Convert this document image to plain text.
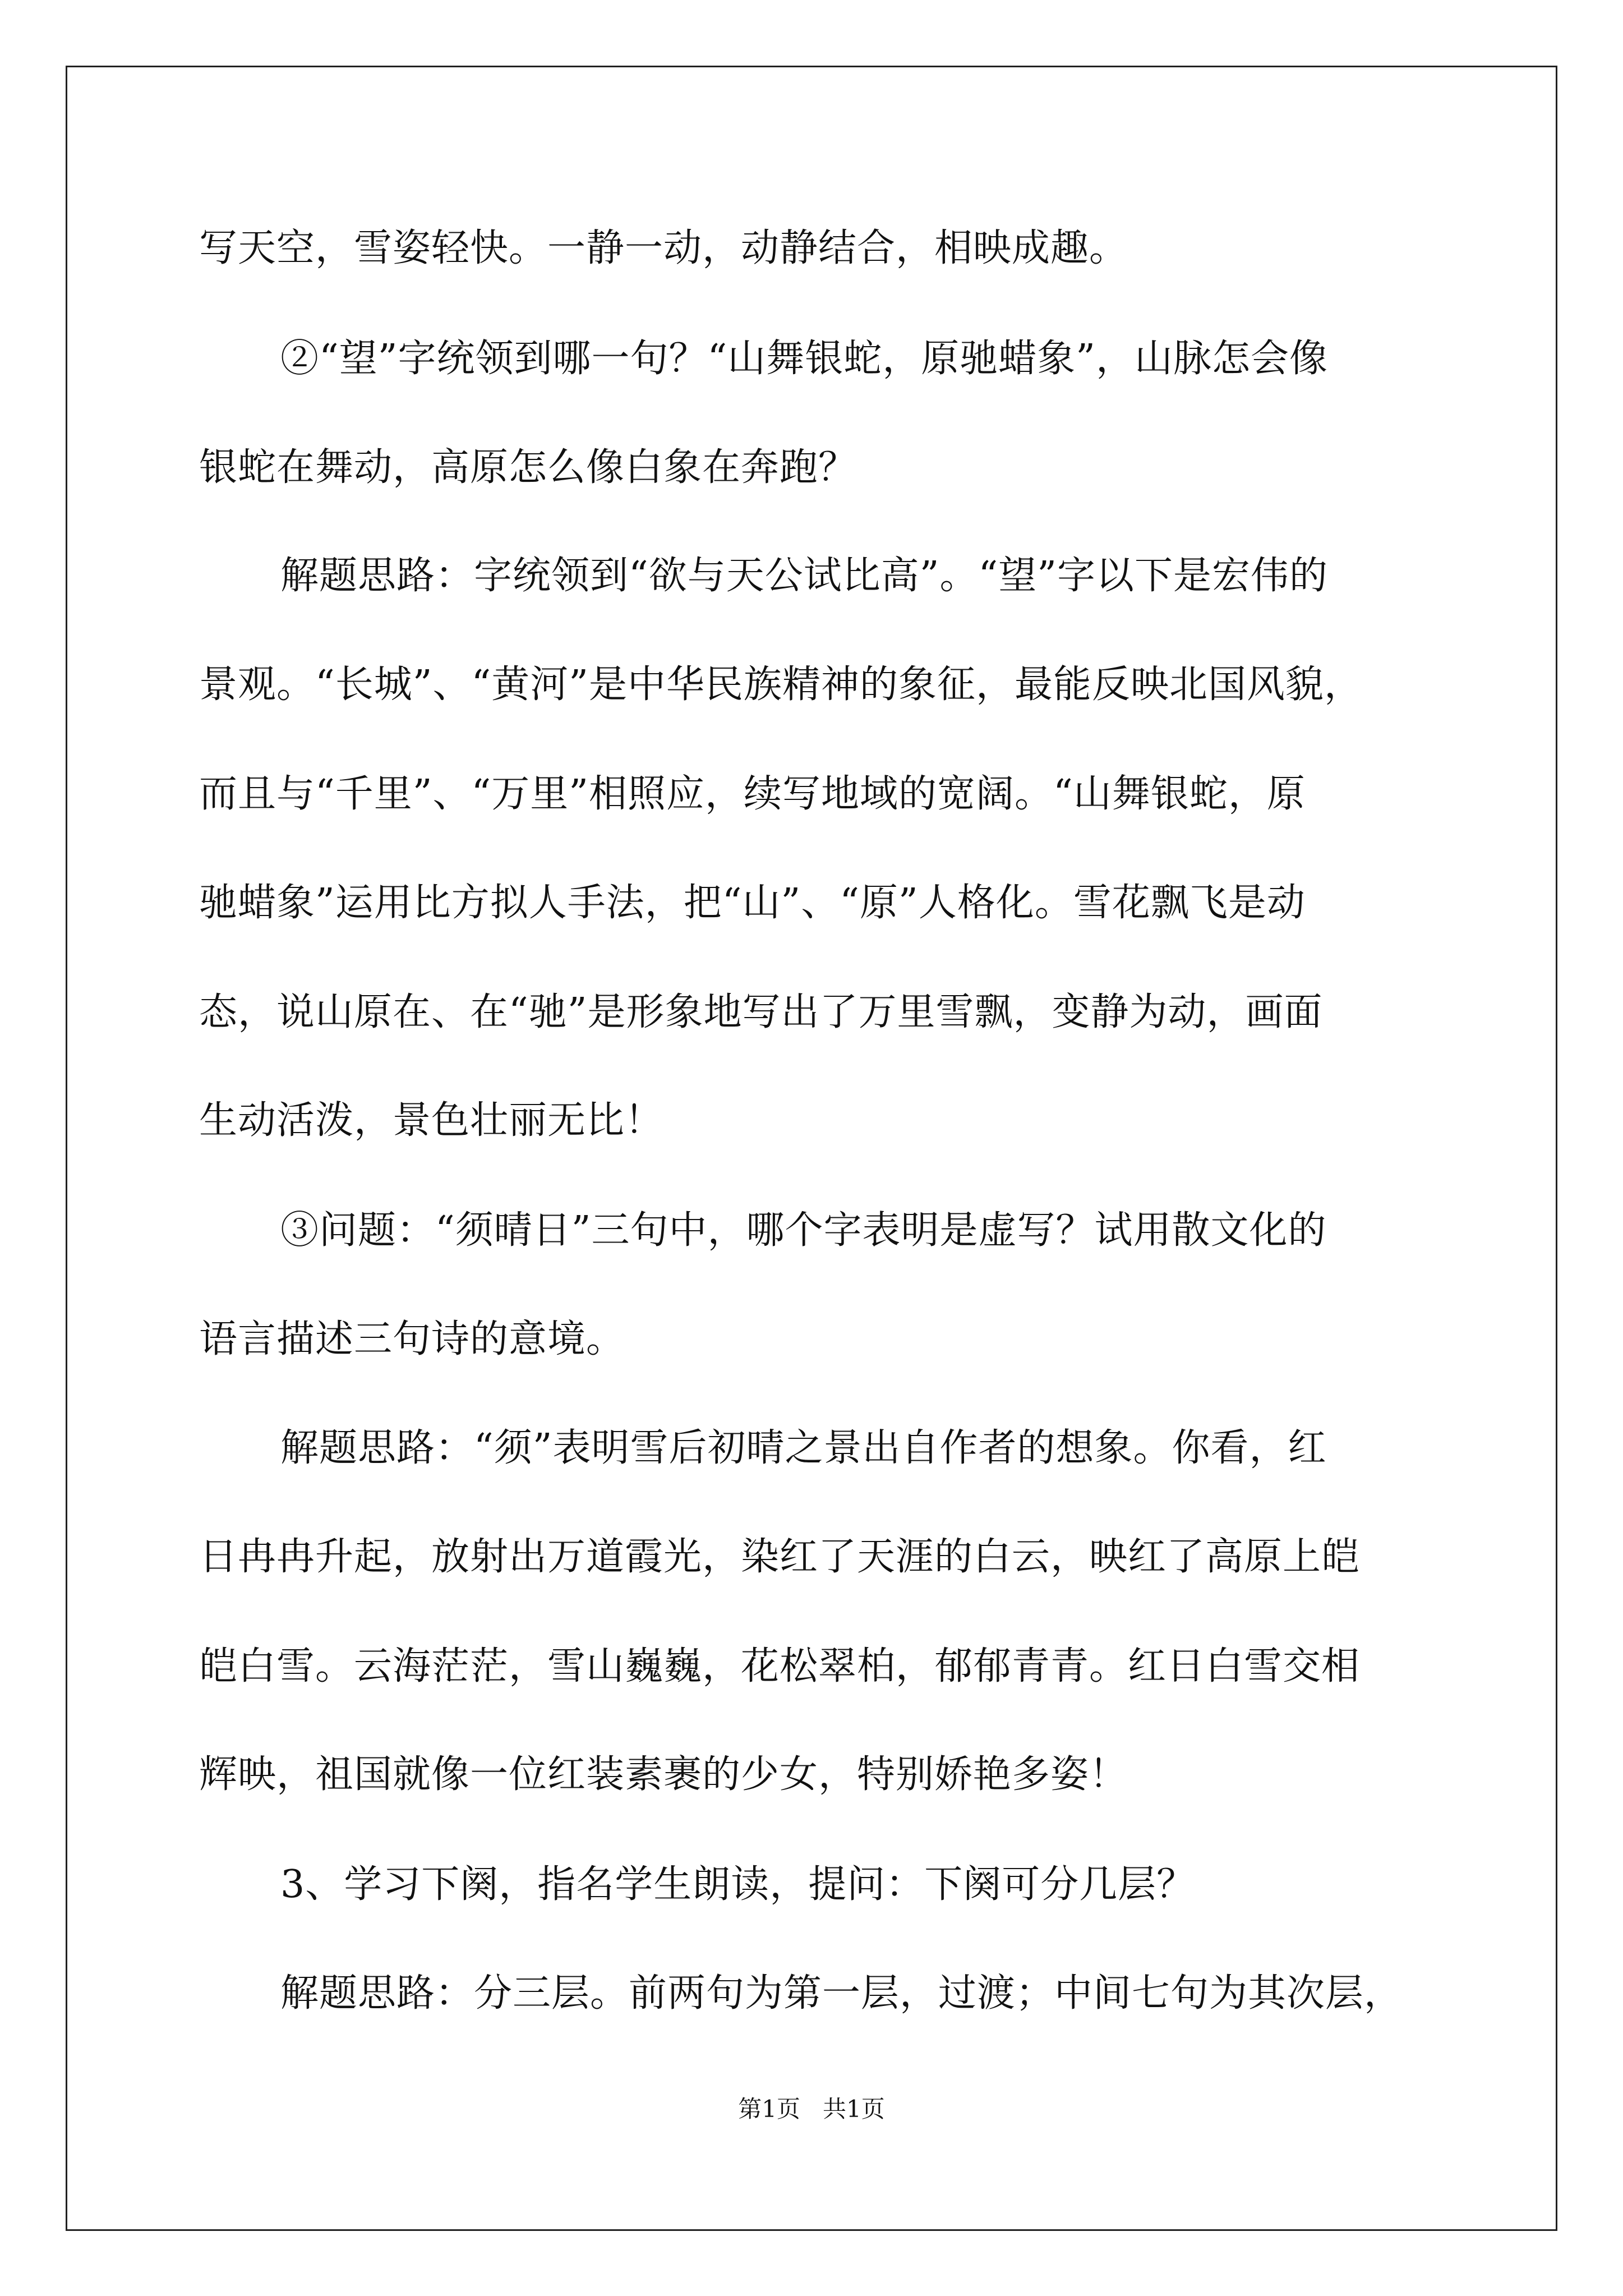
写天空，雪姿轻快。一静一动，动静结合，相映成趣。
②“望”字统领到哪一句？“山舞银蛇，原驰蜡象”，山脉怎会像
银蛇在舞动，高原怎么像白象在奔跑？
解题思路：字统领到“欲与天公试比高”。“望”字以下是宏伟的
景观。“长城”、“黄河”是中华民族精神的象征，最能反映北国风貌，
而且与“千里”、“万里”相照应，续写地域的宽阔。“山舞银蛇，原
驰蜡象”运用比方拟人手法，把“山”、“原”人格化。雪花飘飞是动
态，说山原在、在“驰”是形象地写出了万里雪飘，变静为动，画面
生动活泼，景色壮丽无比！
③问题：“须晴日”三句中，哪个字表明是虚写？试用散文化的
语言描述三句诗的意境。
解题思路：“须”表明雪后初晴之景出自作者的想象。你看，红
日冉冉升起，放射出万道霞光，染红了天涯的白云，映红了高原上皑
皑白雪。云海茫茫，雪山巍巍，花松翠柏，郁郁青青。红日白雪交相
辉映，祖国就像一位红装素裹的少女，特别娇艳多姿！
3、学习下阕，指名学生朗读，提问：下阕可分几层？
解题思路：分三层。前两句为第一层，过渡；中间七句为其次层，
第1页   共1页
